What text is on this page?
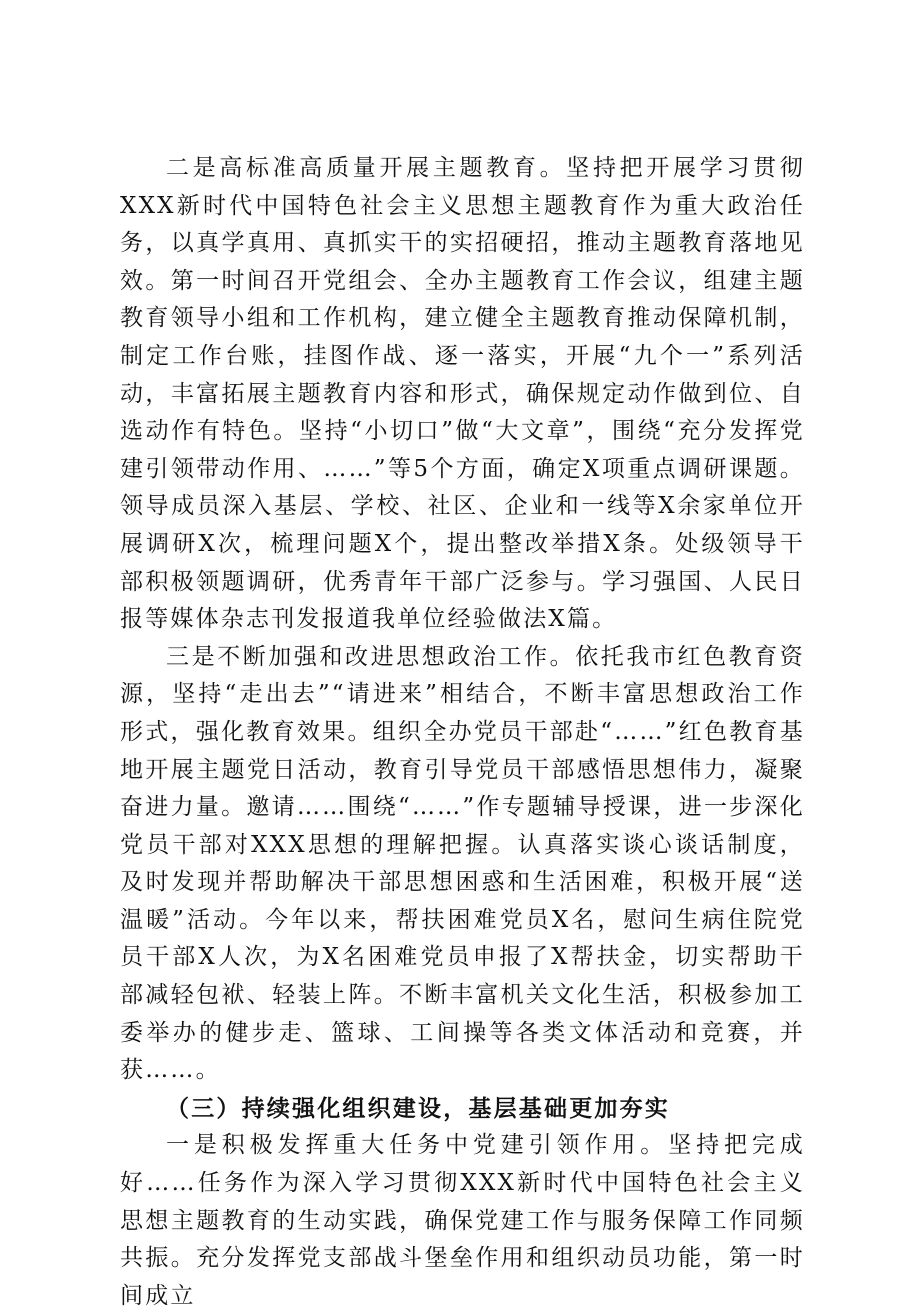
二是高标准高质量开展主题教育。坚持把开展学习贯彻XXX新时代中国特色社会主义思想主题教育作为重大政治任务，以真学真用、真抓实干的实招硬招，推动主题教育落地见效。第一时间召开党组会、全办主题教育工作会议，组建主题教育领导小组和工作机构，建立健全主题教育推动保障机制，制定工作台账，挂图作战、逐一落实，开展“九个一”系列活动，丰富拓展主题教育内容和形式，确保规定动作做到位、自选动作有特色。坚持“小切口”做“大文章”，围绕“充分发挥党建引领带动作用、……”等5个方面，确定X项重点调研课题。领导成员深入基层、学校、社区、企业和一线等X余家单位开展调研X次，梳理问题X个，提出整改举措X条。处级领导干部积极领题调研，优秀青年干部广泛参与。学习强国、人民日报等媒体杂志刊发报道我单位经验做法X篇。

三是不断加强和改进思想政治工作。依托我市红色教育资源，坚持“走出去”“请进来”相结合，不断丰富思想政治工作形式，强化教育效果。组织全办党员干部赴“……”红色教育基地开展主题党日活动，教育引导党员干部感悟思想伟力，凝聚奋进力量。邀请……围绕“……”作专题辅导授课，进一步深化党员干部对XXX思想的理解把握。认真落实谈心谈话制度，及时发现并帮助解决干部思想困惑和生活困难，积极开展“送温暖”活动。今年以来，帮扶困难党员X名，慰问生病住院党员干部X人次，为X名困难党员申报了X帮扶金，切实帮助干部减轻包袱、轻装上阵。不断丰富机关文化生活，积极参加工委举办的健步走、篮球、工间操等各类文体活动和竞赛，并获……。

（三）持续强化组织建设，基层基础更加夯实

一是积极发挥重大任务中党建引领作用。坚持把完成好……任务作为深入学习贯彻XXX新时代中国特色社会主义思想主题教育的生动实践，确保党建工作与服务保障工作同频共振。充分发挥党支部战斗堡垒作用和组织动员功能，第一时间成立
